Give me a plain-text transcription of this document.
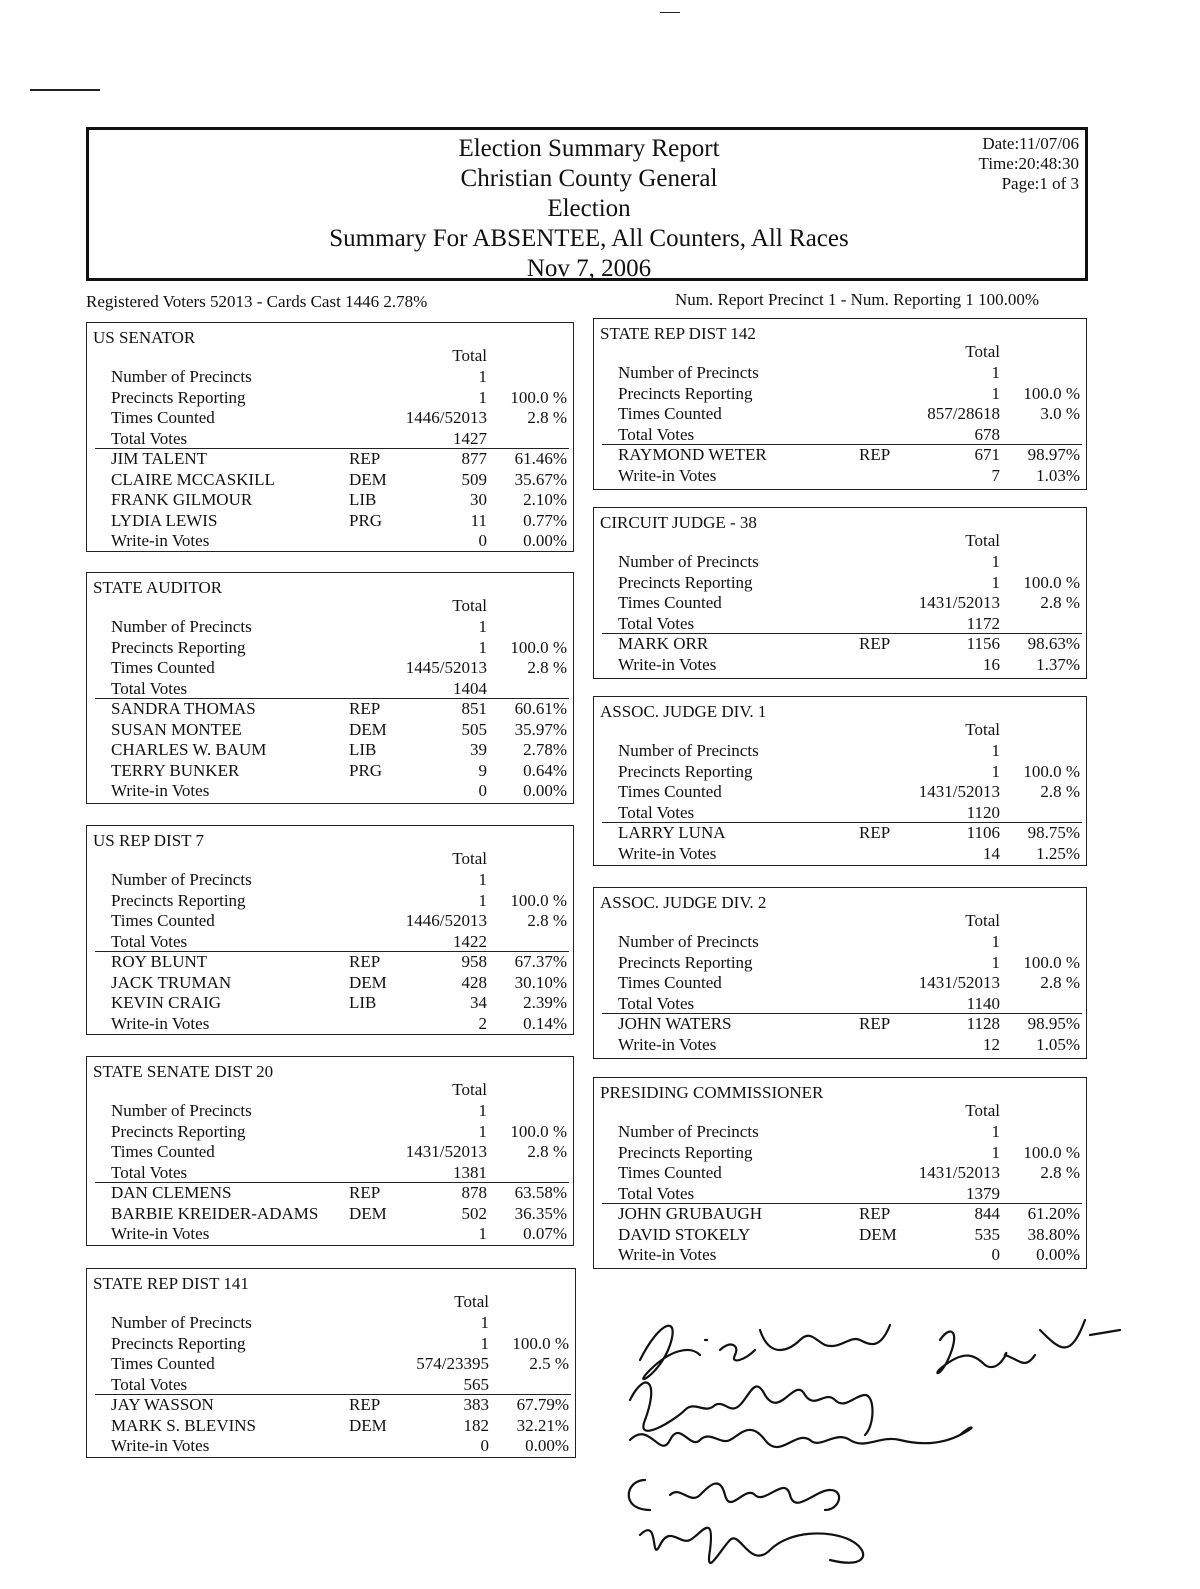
Election Summary Report
Christian County General
Election
Summary For ABSENTEE, All Counters, All Races
Nov 7, 2006
Date:11/07/06
Time:20:48:30
Page:1 of 3
Registered Voters 52013 - Cards Cast 1446 2.78%	Num. Report Precinct 1 - Num. Reporting 1 100.00%
US SENATOR
Total
Number of Precincts	1
Precincts Reporting	1 100.0 %
Times Counted	1446/52013 2.8 %
Total Votes	1427
JIM TALENT	REP	877 61.46%
CLAIRE MCCASKILL	DEM	509 35.67%
FRANK GILMOUR	LIB	30 2.10%
LYDIA LEWIS	PRG	11 0.77%
Write-in Votes	0 0.00%
STATE AUDITOR
Total
Number of Precincts	1
Precincts Reporting	1 100.0 %
Times Counted	1445/52013 2.8 %
Total Votes	1404
SANDRA THOMAS	REP	851 60.61%
SUSAN MONTEE	DEM	505 35.97%
CHARLES W. BAUM	LIB	39 2.78%
TERRY BUNKER	PRG	9 0.64%
Write-in Votes	0 0.00%
US REP DIST 7
Total
Number of Precincts	1
Precincts Reporting	1 100.0 %
Times Counted	1446/52013 2.8 %
Total Votes	1422
ROY BLUNT	REP	958 67.37%
JACK TRUMAN	DEM	428 30.10%
KEVIN CRAIG	LIB	34 2.39%
Write-in Votes	2 0.14%
STATE SENATE DIST 20
Total
Number of Precincts	1
Precincts Reporting	1 100.0 %
Times Counted	1431/52013 2.8 %
Total Votes	1381
DAN CLEMENS	REP	878 63.58%
BARBIE KREIDER-ADAMS DEM	502 36.35%
Write-in Votes	1 0.07%
STATE REP DIST 141
Total
Number of Precincts	1
Precincts Reporting	1 100.0 %
Times Counted	574/23395 2.5 %
Total Votes	565
JAY WASSON	REP	383 67.79%
MARK S. BLEVINS	DEM	182 32.21%
Write-in Votes	0 0.00%
STATE REP DIST 142
Total
Number of Precincts	1
Precincts Reporting	1 100.0 %
Times Counted	857/28618 3.0 %
Total Votes	678
RAYMOND WETER	REP	671 98.97%
Write-in Votes	7 1.03%
CIRCUIT JUDGE - 38
Total
Number of Precincts	1
Precincts Reporting	1 100.0 %
Times Counted	1431/52013 2.8 %
Total Votes	1172
MARK ORR	REP	1156 98.63%
Write-in Votes	16 1.37%
ASSOC. JUDGE DIV. 1
Total
Number of Precincts	1
Precincts Reporting	1 100.0 %
Times Counted	1431/52013 2.8 %
Total Votes	1120
LARRY LUNA	REP	1106 98.75%
Write-in Votes	14 1.25%
ASSOC. JUDGE DIV. 2
Total
Number of Precincts	1
Precincts Reporting	1 100.0 %
Times Counted	1431/52013 2.8 %
Total Votes	1140
JOHN WATERS	REP	1128 98.95%
Write-in Votes	12 1.05%
PRESIDING COMMISSIONER
Total
Number of Precincts	1
Precincts Reporting	1 100.0 %
Times Counted	1431/52013 2.8 %
Total Votes	1379
JOHN GRUBAUGH	REP	844 61.20%
DAVID STOKELY	DEM	535 38.80%
Write-in Votes	0 0.00%
